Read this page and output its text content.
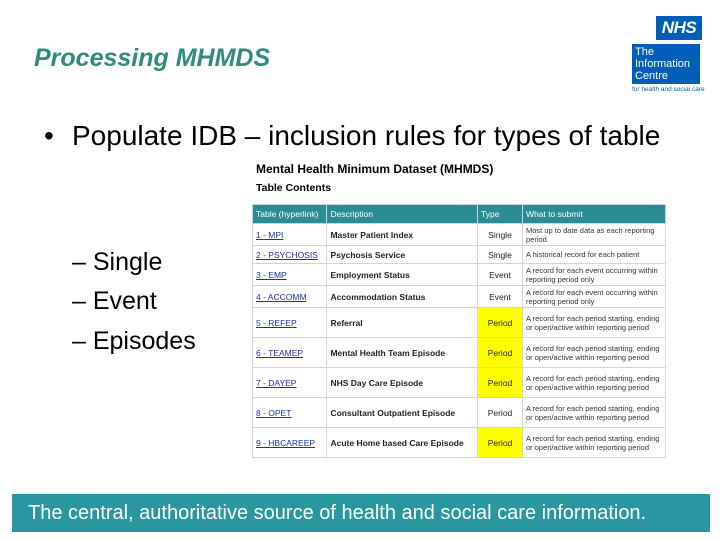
Processing MHMDS
NHS
The
Information
Centre
for health and social care
• Populate IDB – inclusion rules for types of table
– Single
– Event
– Episodes
Mental Health Minimum Dataset (MHMDS)
Table Contents
Table (hyperlink)	Description	Type	What to submit
1 - MPI	Master Patient Index	Single	Most up to date data as each reporting period
2 - PSYCHOSIS	Psychosis Service	Single	A historical record for each patient
3 - EMP	Employment Status	Event	A record for each event occurring within reporting period only
4 - ACCOMM	Accommodation Status	Event	A record for each event occurring within reporting period only
5 - REFEP	Referral	Period	A record for each period starting, ending or open/active within reporting period
6 - TEAMEP	Mental Health Team Episode	Period	A record for each period starting, ending or open/active within reporting period
7 - DAYEP	NHS Day Care Episode	Period	A record for each period starting, ending or open/active within reporting period
8 - OPET	Consultant Outpatient Episode	Period	A record for each period starting, ending or open/active within reporting period
9 - HBCAREEP	Acute Home based Care Episode	Period	A record for each period starting, ending or open/active within reporting period
The central, authoritative source of health and social care information.
